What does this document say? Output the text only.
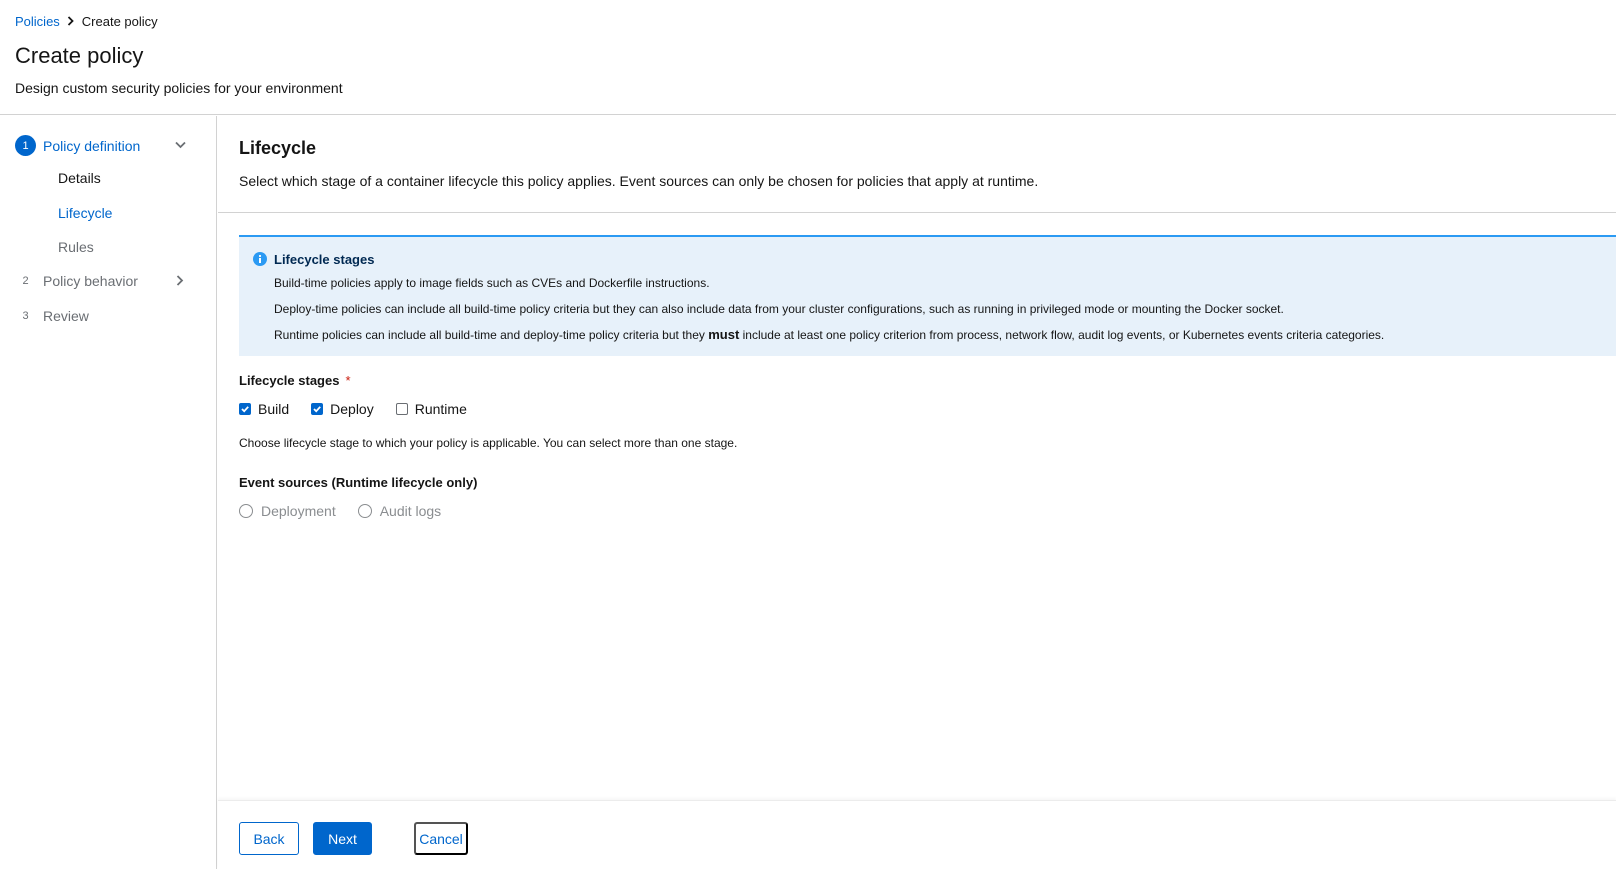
Policies Create policy
Create policy

Design custom security policies for your environment

1	Policy definition
Details
Lifecycle
Rules
2	Policy behavior
3	Review
Lifecycle

Select which stage of a container lifecycle this policy applies. Event sources can only be chosen for policies that apply at runtime.

Lifecycle stages

Build-time policies apply to image fields such as CVEs and Dockerfile instructions.

Deploy-time policies can include all build-time policy criteria but they can also include data from your cluster configurations, such as running in privileged mode or mounting the Docker socket.

Runtime policies can include all build-time and deploy-time policy criteria but they must include at least one policy criterion from process, network flow, audit log events, or Kubernetes events criteria categories.

Lifecycle stages *
Build	Deploy	Runtime

Choose lifecycle stage to which your policy is applicable. You can select more than one stage.

Event sources (Runtime lifecycle only)
Deployment	Audit logs
Back	Next	Cancel
